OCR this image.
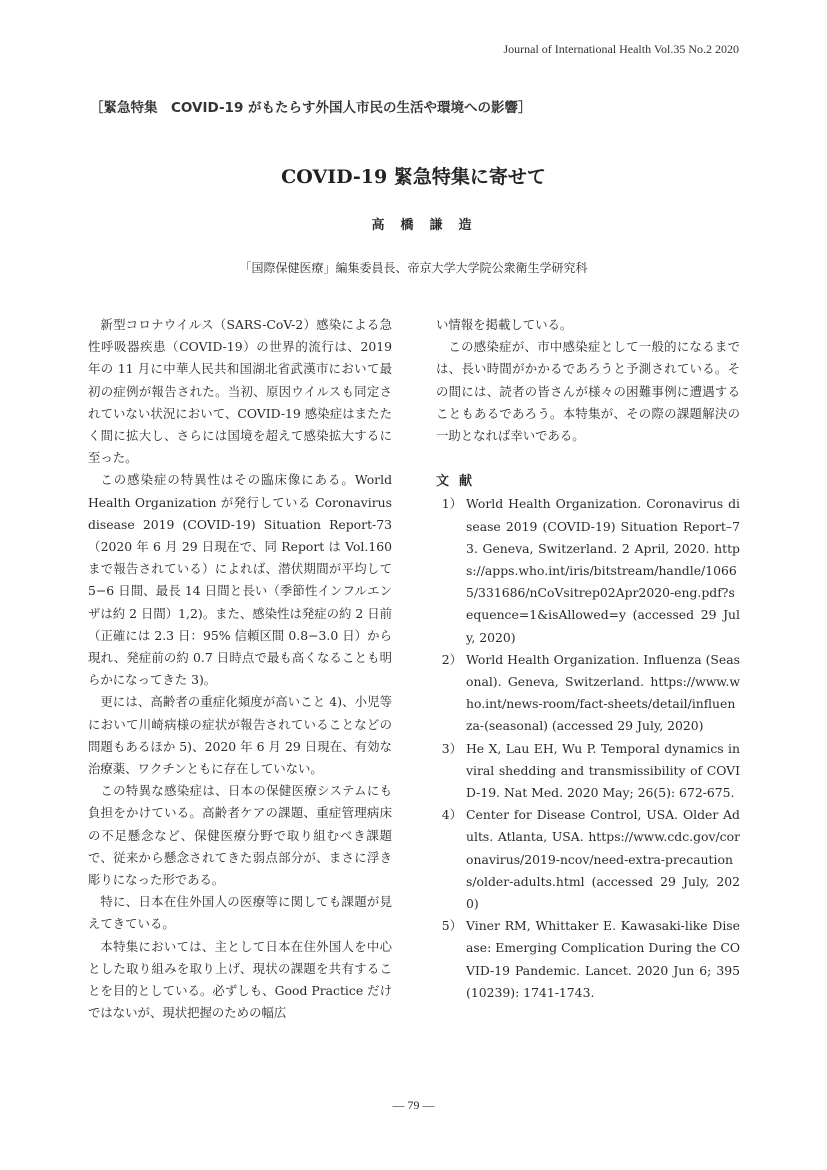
Journal of International Health Vol.35 No.2 2020
［緊急特集　COVID-19 がもたらす外国人市民の生活や環境への影響］
COVID-19 緊急特集に寄せて
高橋謙造
「国際保健医療」編集委員長、帝京大学大学院公衆衛生学研究科

新型コロナウイルス（SARS-CoV-2）感染による急性呼吸器疾患（COVID-19）の世界的流行は、2019 年の 11 月に中華人民共和国湖北省武漢市において最初の症例が報告された。当初、原因ウイルスも同定されていない状況において、COVID-19 感染症はまたたく間に拡大し、さらには国境を超えて感染拡大するに至った。

この感染症の特異性はその臨床像にある。World Health Organization が発行している Coronavirus disease 2019 (COVID-19) Situation Report-73（2020 年 6 月 29 日現在で、同 Report は Vol.160 まで報告されている）によれば、潜伏期間が平均して 5−6 日間、最長 14 日間と長い（季節性インフルエンザは約 2 日間）1,2)。また、感染性は発症の約 2 日前（正確には 2.3 日：95% 信頼区間 0.8−3.0 日）から現れ、発症前の約 0.7 日時点で最も高くなることも明らかになってきた 3)。

更には、高齢者の重症化頻度が高いこと 4)、小児等において川崎病様の症状が報告されていることなどの問題もあるほか 5)、2020 年 6 月 29 日現在、有効な治療薬、ワクチンともに存在していない。

この特異な感染症は、日本の保健医療システムにも負担をかけている。高齢者ケアの課題、重症管理病床の不足懸念など、保健医療分野で取り組むべき課題で、従来から懸念されてきた弱点部分が、まさに浮き彫りになった形である。

特に、日本在住外国人の医療等に関しても課題が見えてきている。

本特集においては、主として日本在住外国人を中心とした取り組みを取り上げ、現状の課題を共有することを目的としている。必ずしも、Good Practice だけではないが、現状把握のための幅広

い情報を掲載している。

この感染症が、市中感染症として一般的になるまでは、長い時間がかかるであろうと予測されている。その間には、読者の皆さんが様々の困難事例に遭遇することもあるであろう。本特集が、その際の課題解決の一助となれば幸いである。

文献
1） World Health Organization. Coronavirus disease 2019 (COVID-19) Situation Report–73. Geneva, Switzerland. 2 April, 2020. https://apps.who.int/iris/bitstream/handle/10665/331686/nCoVsitrep02Apr2020-eng.pdf?sequence=1&isAllowed=y (accessed 29 July, 2020)
2） World Health Organization. Influenza (Seasonal). Geneva, Switzerland. https://www.who.int/news-room/fact-sheets/detail/influenza-(seasonal) (accessed 29 July, 2020)
3） He X, Lau EH, Wu P. Temporal dynamics in viral shedding and transmissibility of COVID-19. Nat Med. 2020 May; 26(5): 672-675.
4） Center for Disease Control, USA. Older Adults. Atlanta, USA. https://www.cdc.gov/coronavirus/2019-ncov/need-extra-precautions/older-adults.html (accessed 29 July, 2020)
5） Viner RM, Whittaker E. Kawasaki-like Disease: Emerging Complication During the COVID-19 Pandemic. Lancet. 2020 Jun 6; 395(10239): 1741-1743.
— 79 —
